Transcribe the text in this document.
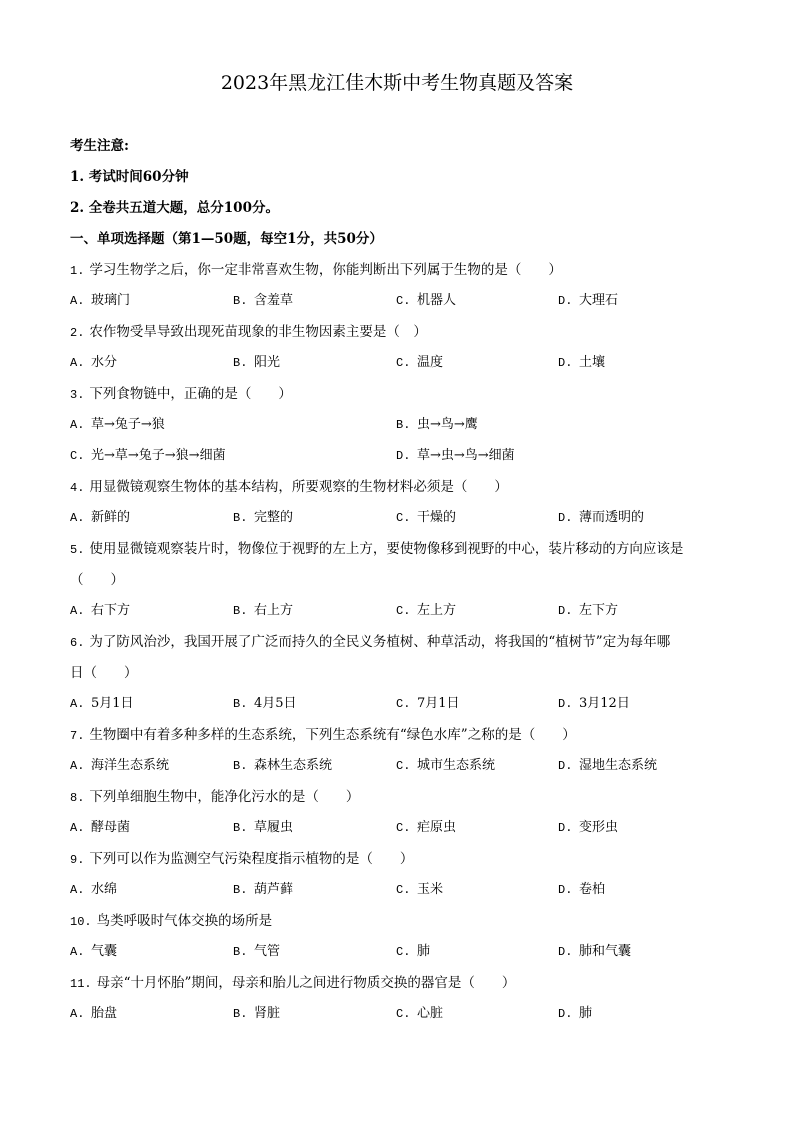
2023年黑龙江佳木斯中考生物真题及答案
考生注意:
1. 考试时间60分钟
2. 全卷共五道大题，总分100分。
一、单项选择题（第1—50题，每空1分，共50分）
1. 学习生物学之后，你一定非常喜欢生物，你能判断出下列属于生物的是（　　）
A. 玻璃门	B. 含羞草	C. 机器人	D. 大理石
2. 农作物受旱导致出现死苗现象的非生物因素主要是（　）
A. 水分	B. 阳光	C. 温度	D. 土壤
3. 下列食物链中，正确的是（　　）
A. 草→兔子→狼	B. 虫→鸟→鹰
C. 光→草→兔子→狼→细菌	D. 草→虫→鸟→细菌
4. 用显微镜观察生物体的基本结构，所要观察的生物材料必须是（　　）
A. 新鲜的	B. 完整的	C. 干燥的	D. 薄而透明的
5. 使用显微镜观察装片时，物像位于视野的左上方，要使物像移到视野的中心，装片移动的方向应该是
（　　）
A. 右下方	B. 右上方	C. 左上方	D. 左下方
6. 为了防风治沙，我国开展了广泛而持久的全民义务植树、种草活动，将我国的“植树节”定为每年哪
日（　　）
A. 5月1日	B. 4月5日	C. 7月1日	D. 3月12日
7. 生物圈中有着多种多样的生态系统，下列生态系统有“绿色水库”之称的是（　　）
A. 海洋生态系统	B. 森林生态系统	C. 城市生态系统	D. 湿地生态系统
8. 下列单细胞生物中，能净化污水的是（　　）
A. 酵母菌	B. 草履虫	C. 疟原虫	D. 变形虫
9. 下列可以作为监测空气污染程度指示植物的是（　　）
A. 水绵	B. 葫芦藓	C. 玉米	D. 卷柏
10. 鸟类呼吸时气体交换的场所是
A. 气囊	B. 气管	C. 肺	D. 肺和气囊
11. 母亲“十月怀胎”期间，母亲和胎儿之间进行物质交换的器官是（　　）
A. 胎盘	B. 肾脏	C. 心脏	D. 肺
